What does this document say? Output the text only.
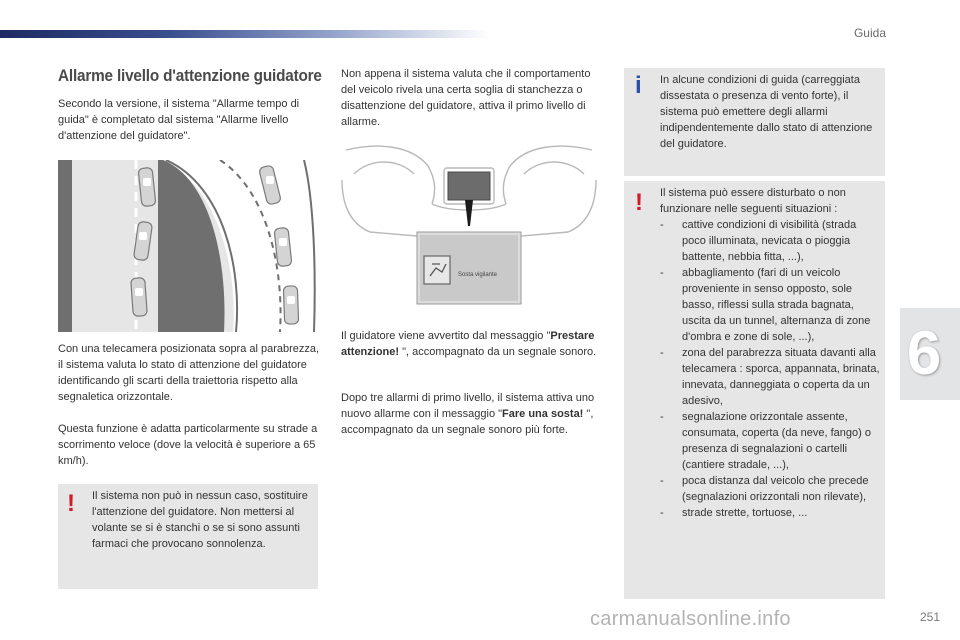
Guida
6
Allarme livello d'attenzione guidatore
Secondo la versione, il sistema "Allarme tempo di guida" è completato dal sistema "Allarme livello d'attenzione del guidatore".
Con una telecamera posizionata sopra al parabrezza, il sistema valuta lo stato di attenzione del guidatore identificando gli scarti della traiettoria rispetto alla segnaletica orizzontale.
Questa funzione è adatta particolarmente su strade a scorrimento veloce (dove la velocità è superiore a 65 km/h).
! Il sistema non può in nessun caso, sostituire l'attenzione del guidatore. Non mettersi al volante se si è stanchi o se si sono assunti farmaci che provocano sonnolenza.
Non appena il sistema valuta che il comportamento del veicolo rivela una certa soglia di stanchezza o disattenzione del guidatore, attiva il primo livello di allarme.
Sosta vigilante
Il guidatore viene avvertito dal messaggio "Prestare attenzione! ", accompagnato da un segnale sonoro.
Dopo tre allarmi di primo livello, il sistema attiva uno nuovo allarme con il messaggio "Fare una sosta! ", accompagnato da un segnale sonoro più forte.
i In alcune condizioni di guida (carreggiata dissestata o presenza di vento forte), il sistema può emettere degli allarmi indipendentemente dallo stato di attenzione del guidatore.
! Il sistema può essere disturbato o non funzionare nelle seguenti situazioni :
- cattive condizioni di visibilità (strada poco illuminata, nevicata o pioggia battente, nebbia fitta, ...),
- abbagliamento (fari di un veicolo proveniente in senso opposto, sole basso, riflessi sulla strada bagnata, uscita da un tunnel, alternanza di zone d'ombra e zone di sole, ...),
- zona del parabrezza situata davanti alla telecamera : sporca, appannata, brinata, innevata, danneggiata o coperta da un adesivo,
- segnalazione orizzontale assente, consumata, coperta (da neve, fango) o presenza di segnalazioni o cartelli (cantiere stradale, ...),
- poca distanza dal veicolo che precede (segnalazioni orizzontali non rilevate),
- strade strette, tortuose, ...
carmanualsonline.info	251
